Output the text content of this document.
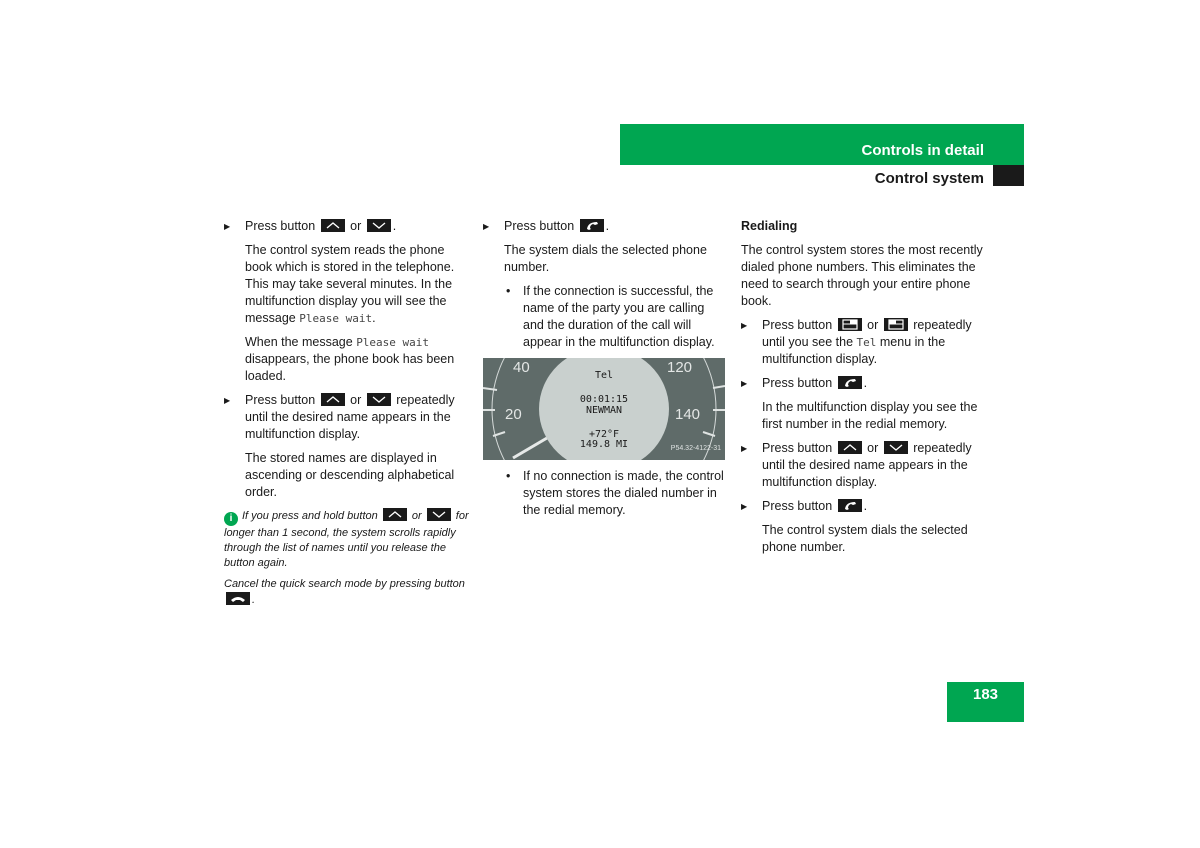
Controls in detail
Control system
▶ Press button	or	.
The control system reads the phone book which is stored in the telephone. This may take several minutes. In the multifunction display you will see the message Please wait.
When the message Please wait disappears, the phone book has been loaded.
▶ Press button	or	repeatedly until the desired name appears in the multifunction display.
The stored names are displayed in ascending or descending alphabetical order.
i If you press and hold button	or	for longer than 1 second, the system scrolls rapidly through the list of names until you release the button again.
Cancel the quick search mode by pressing button
.
▶ Press button	.
The system dials the selected phone number.
• If the connection is successful, the name of the party you are calling and the duration of the call will appear in the multifunction display.
40	120
20	140
Tel
00:01:15
NEWMAN
+72°F
149.8 MI	P54.32-4122-31
• If no connection is made, the control system stores the dialed number in the redial memory.
Redialing
The control system stores the most recently dialed phone numbers. This eliminates the need to search through your entire phone book.
▶ Press button	or	repeatedly until you see the Tel menu in the multifunction display.
▶ Press button	.
In the multifunction display you see the first number in the redial memory.
▶ Press button	or	repeatedly until the desired name appears in the multifunction display.
▶ Press button	.
The control system dials the selected phone number.
183
